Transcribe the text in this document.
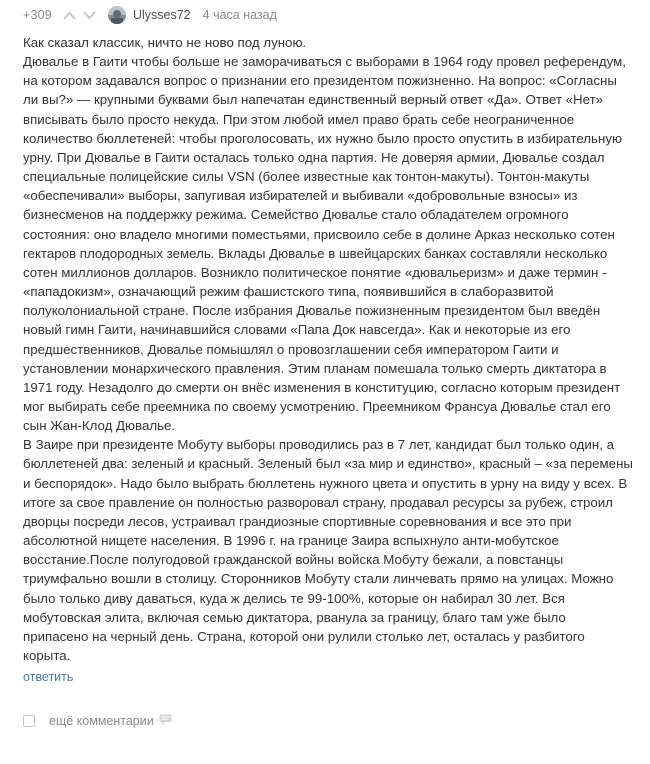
+309	Ulysses72 4 часа назад

Как сказал классик, ничто не ново под луною.

Дювалье в Гаити чтобы больше не заморачиваться с выборами в 1964 году провел референдум, на котором задавался вопрос о признании его президентом пожизненно. На вопрос: «Согласны ли вы?» — крупными буквами был напечатан единственный верный ответ «Да». Ответ «Нет» вписывать было просто некуда. При этом любой имел право брать себе неограниченное количество бюллетеней: чтобы проголосовать, их нужно было просто опустить в избирательную урну. При Дювалье в Гаити осталась только одна партия. Не доверяя армии, Дювалье создал специальные полицейские силы VSN (более известные как тонтон-макуты). Тонтон-макуты «обеспечивали» выборы, запугивая избирателей и выбивали «добровольные взносы» из бизнесменов на поддержку режима. Семейство Дювалье стало обладателем огромного состояния: оно владело многими поместьями, присвоило себе в долине Арказ несколько сотен гектаров плодородных земель. Вклады Дювалье в швейцарских банках составляли несколько сотен миллионов долларов. Возникло политическое понятие «дювальеризм» и даже термин - «пападокизм», означающий режим фашистского типа, появившийся в слаборазвитой полуколониальной стране. После избрания Дювалье пожизненным президентом был введён новый гимн Гаити, начинавшийся словами «Папа Док навсегда». Как и некоторые из его предшественников, Дювалье помышлял о провозглашении себя императором Гаити и установлении монархического правления. Этим планам помешала только смерть диктатора в 1971 году. Незадолго до смерти он внёс изменения в конституцию, согласно которым президент мог выбирать себе преемника по своему усмотрению. Преемником Франсуа Дювалье стал его сын Жан-Клод Дювалье.

В Заире при президенте Мобуту выборы проводились раз в 7 лет, кандидат был только один, а бюллетеней два: зеленый и красный. Зеленый был «за мир и единство», красный – «за перемены и беспорядок». Надо было выбрать бюллетень нужного цвета и опустить в урну на виду у всех. В итоге за свое правление он полностью разворовал страну, продавал ресурсы за рубеж, строил дворцы посреди лесов, устраивал грандиозные спортивные соревнования и все это при абсолютной нищете населения. В 1996 г. на границе Заира вспыхнуло анти-мобутское восстание.После полугодовой гражданской войны войска Мобуту бежали, а повстанцы триумфально вошли в столицу. Сторонников Мобуту стали линчевать прямо на улицах. Можно было только диву даваться, куда ж делись те 99-100%, которые он набирал 30 лет. Вся мобутовская элита, включая семью диктатора, рванула за границу, благо там уже было припасено на черный день. Страна, которой они рулили столько лет, осталась у разбитого корыта.

ответить
ещё комментарии
